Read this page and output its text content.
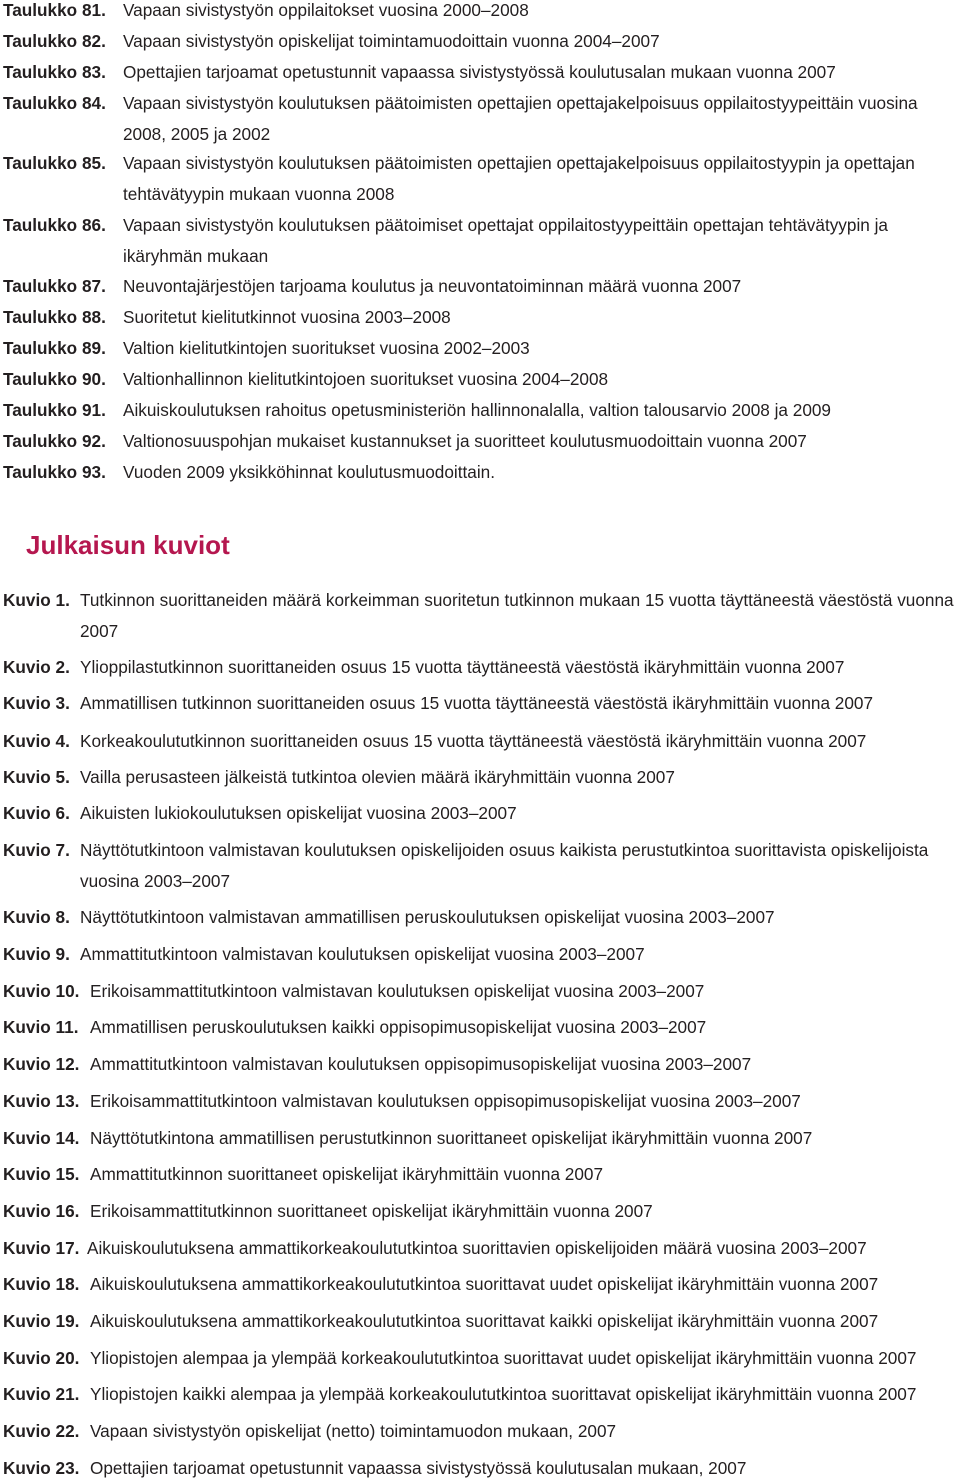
Taulukko 81. Vapaan sivistystyön oppilaitokset vuosina 2000–2008
Taulukko 82. Vapaan sivistystyön opiskelijat toimintamuodoittain vuonna 2004–2007
Taulukko 83. Opettajien tarjoamat opetustunnit vapaassa sivistystyössä koulutusalan mukaan vuonna 2007
Taulukko 84. Vapaan sivistystyön koulutuksen päätoimisten opettajien opettajakelpoisuus oppilaitostyypeittäin vuosina 2008, 2005 ja 2002
Taulukko 85. Vapaan sivistystyön koulutuksen päätoimisten opettajien opettajakelpoisuus oppilaitostyypin ja opettajan tehtävätyypin mukaan vuonna 2008
Taulukko 86. Vapaan sivistystyön koulutuksen päätoimiset opettajat oppilaitostyypeittäin opettajan tehtävätyypin ja ikäryhmän mukaan
Taulukko 87. Neuvontajärjestöjen tarjoama koulutus ja neuvontatoiminnan määrä vuonna 2007
Taulukko 88. Suoritetut kielitutkinnot vuosina 2003–2008
Taulukko 89. Valtion kielitutkintojen suoritukset vuosina 2002–2003
Taulukko 90. Valtionhallinnon kielitutkintojoen suoritukset vuosina 2004–2008
Taulukko 91. Aikuiskoulutuksen rahoitus opetusministeriön hallinnonalalla, valtion talousarvio 2008 ja 2009
Taulukko 92. Valtionosuuspohjan mukaiset kustannukset ja suoritteet koulutusmuodoittain vuonna 2007
Taulukko 93. Vuoden 2009 yksikköhinnat koulutusmuodoittain.
Julkaisun kuviot
Kuvio 1. Tutkinnon suorittaneiden määrä korkeimman suoritetun tutkinnon mukaan 15 vuotta täyttäneestä väestöstä vuonna 2007
Kuvio 2. Ylioppilastutkinnon suorittaneiden osuus 15 vuotta täyttäneestä väestöstä ikäryhmittäin vuonna 2007
Kuvio 3. Ammatillisen tutkinnon suorittaneiden osuus 15 vuotta täyttäneestä väestöstä ikäryhmittäin vuonna 2007
Kuvio 4. Korkeakoulututkinnon suorittaneiden osuus 15 vuotta täyttäneestä väestöstä ikäryhmittäin vuonna 2007
Kuvio 5. Vailla perusasteen jälkeistä tutkintoa olevien määrä ikäryhmittäin vuonna 2007
Kuvio 6. Aikuisten lukiokoulutuksen opiskelijat vuosina 2003–2007
Kuvio 7. Näyttötutkintoon valmistavan koulutuksen opiskelijoiden osuus kaikista perustutkintoa suorittavista opiskelijoista vuosina 2003–2007
Kuvio 8. Näyttötutkintoon valmistavan ammatillisen peruskoulutuksen opiskelijat vuosina 2003–2007
Kuvio 9. Ammattitutkintoon valmistavan koulutuksen opiskelijat vuosina 2003–2007
Kuvio 10. Erikoisammattitutkintoon valmistavan koulutuksen opiskelijat vuosina 2003–2007
Kuvio 11. Ammatillisen peruskoulutuksen kaikki oppisopimusopiskelijat vuosina 2003–2007
Kuvio 12. Ammattitutkintoon valmistavan koulutuksen oppisopimusopiskelijat vuosina 2003–2007
Kuvio 13. Erikoisammattitutkintoon valmistavan koulutuksen oppisopimusopiskelijat vuosina 2003–2007
Kuvio 14. Näyttötutkintona ammatillisen perustutkinnon suorittaneet opiskelijat ikäryhmittäin vuonna 2007
Kuvio 15. Ammattitutkinnon suorittaneet opiskelijat ikäryhmittäin vuonna 2007
Kuvio 16. Erikoisammattitutkinnon suorittaneet opiskelijat ikäryhmittäin vuonna 2007
Kuvio 17. Aikuiskoulutuksena ammattikorkeakoulututkintoa suorittavien opiskelijoiden määrä vuosina 2003–2007
Kuvio 18. Aikuiskoulutuksena ammattikorkeakoulututkintoa suorittavat uudet opiskelijat ikäryhmittäin vuonna 2007
Kuvio 19. Aikuiskoulutuksena ammattikorkeakoulututkintoa suorittavat kaikki opiskelijat ikäryhmittäin vuonna 2007
Kuvio 20. Yliopistojen alempaa ja ylempää korkeakoulututkintoa suorittavat uudet opiskelijat ikäryhmittäin vuonna 2007
Kuvio 21. Yliopistojen kaikki alempaa ja ylempää korkeakoulututkintoa suorittavat opiskelijat ikäryhmittäin vuonna 2007
Kuvio 22. Vapaan sivistystyön opiskelijat (netto) toimintamuodon mukaan, 2007
Kuvio 23. Opettajien tarjoamat opetustunnit vapaassa sivistystyössä koulutusalan mukaan, 2007
